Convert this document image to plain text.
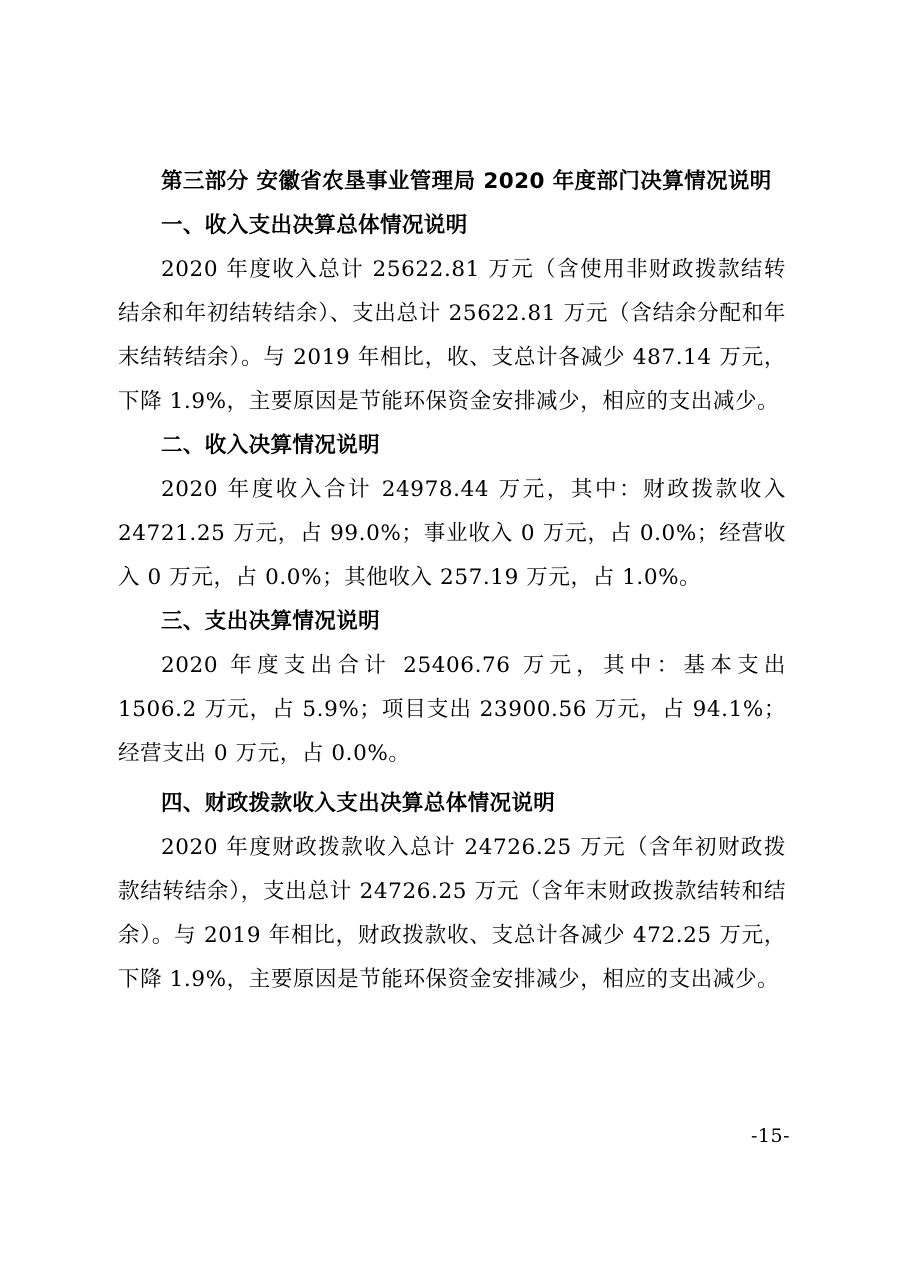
第三部分 安徽省农垦事业管理局 2020 年度部门决算情况说明
一、收入支出决算总体情况说明
2020 年度收入总计 25622.81 万元（含使用非财政拨款结转结余和年初结转结余）、支出总计 25622.81 万元（含结余分配和年末结转结余）。与 2019 年相比，收、支总计各减少 487.14 万元，下降 1.9%，主要原因是节能环保资金安排减少，相应的支出减少。
二、收入决算情况说明
2020 年度收入合计 24978.44 万元，其中：财政拨款收入 24721.25 万元，占 99.0%；事业收入 0 万元，占 0.0%；经营收入 0 万元，占 0.0%；其他收入 257.19 万元，占 1.0%。
三、支出决算情况说明
2020 年度支出合计 25406.76 万元，其中：基本支出 1506.2 万元，占 5.9%；项目支出 23900.56 万元，占 94.1%；经营支出 0 万元，占 0.0%。
四、财政拨款收入支出决算总体情况说明
2020 年度财政拨款收入总计 24726.25 万元（含年初财政拨款结转结余），支出总计 24726.25 万元（含年末财政拨款结转和结余）。与 2019 年相比，财政拨款收、支总计各减少 472.25 万元，下降 1.9%，主要原因是节能环保资金安排减少，相应的支出减少。
-15-
